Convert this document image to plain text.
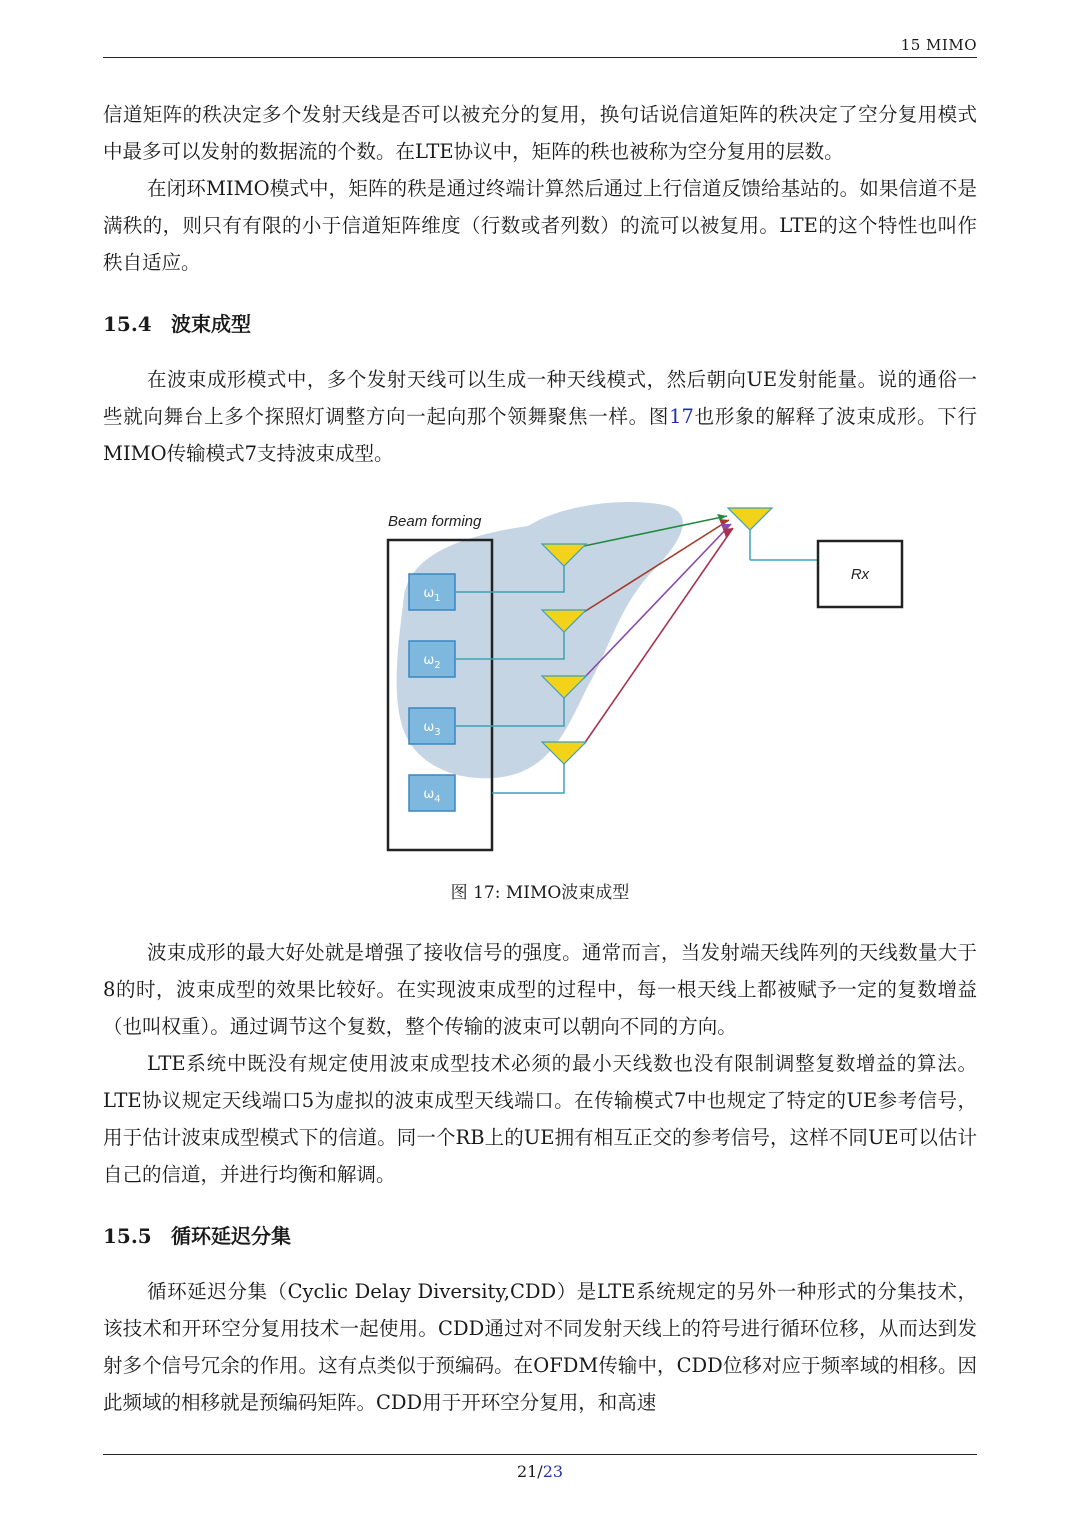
15 MIMO

信道矩阵的秩决定多个发射天线是否可以被充分的复用，换句话说信道矩阵的秩决定了空分复用模式中最多可以发射的数据流的个数。在LTE协议中，矩阵的秩也被称为空分复用的层数。

在闭环MIMO模式中，矩阵的秩是通过终端计算然后通过上行信道反馈给基站的。如果信道不是满秩的，则只有有限的小于信道矩阵维度（行数或者列数）的流可以被复用。LTE的这个特性也叫作秩自适应。

15.4 波束成型

在波束成形模式中，多个发射天线可以生成一种天线模式，然后朝向UE发射能量。说的通俗一些就向舞台上多个探照灯调整方向一起向那个领舞聚焦一样。图17也形象的解释了波束成形。下行MIMO传输模式7支持波束成型。

Beam forming
$\omega_1$
$\omega_2$
$\omega_3$
$\omega_4$
Rx
图 17: MIMO波束成型

波束成形的最大好处就是增强了接收信号的强度。通常而言，当发射端天线阵列的天线数量大于8的时，波束成型的效果比较好。在实现波束成型的过程中，每一根天线上都被赋予一定的复数增益（也叫权重）。通过调节这个复数，整个传输的波束可以朝向不同的方向。

LTE系统中既没有规定使用波束成型技术必须的最小天线数也没有限制调整复数增益的算法。LTE协议规定天线端口5为虚拟的波束成型天线端口。在传输模式7中也规定了特定的UE参考信号，用于估计波束成型模式下的信道。同一个RB上的UE拥有相互正交的参考信号，这样不同UE可以估计自己的信道，并进行均衡和解调。

15.5 循环延迟分集

循环延迟分集（Cyclic Delay Diversity,CDD）是LTE系统规定的另外一种形式的分集技术，该技术和开环空分复用技术一起使用。CDD通过对不同发射天线上的符号进行循环位移，从而达到发射多个信号冗余的作用。这有点类似于预编码。在OFDM传输中，CDD位移对应于频率域的相移。因此频域的相移就是预编码矩阵。CDD用于开环空分复用，和高速

21/23
